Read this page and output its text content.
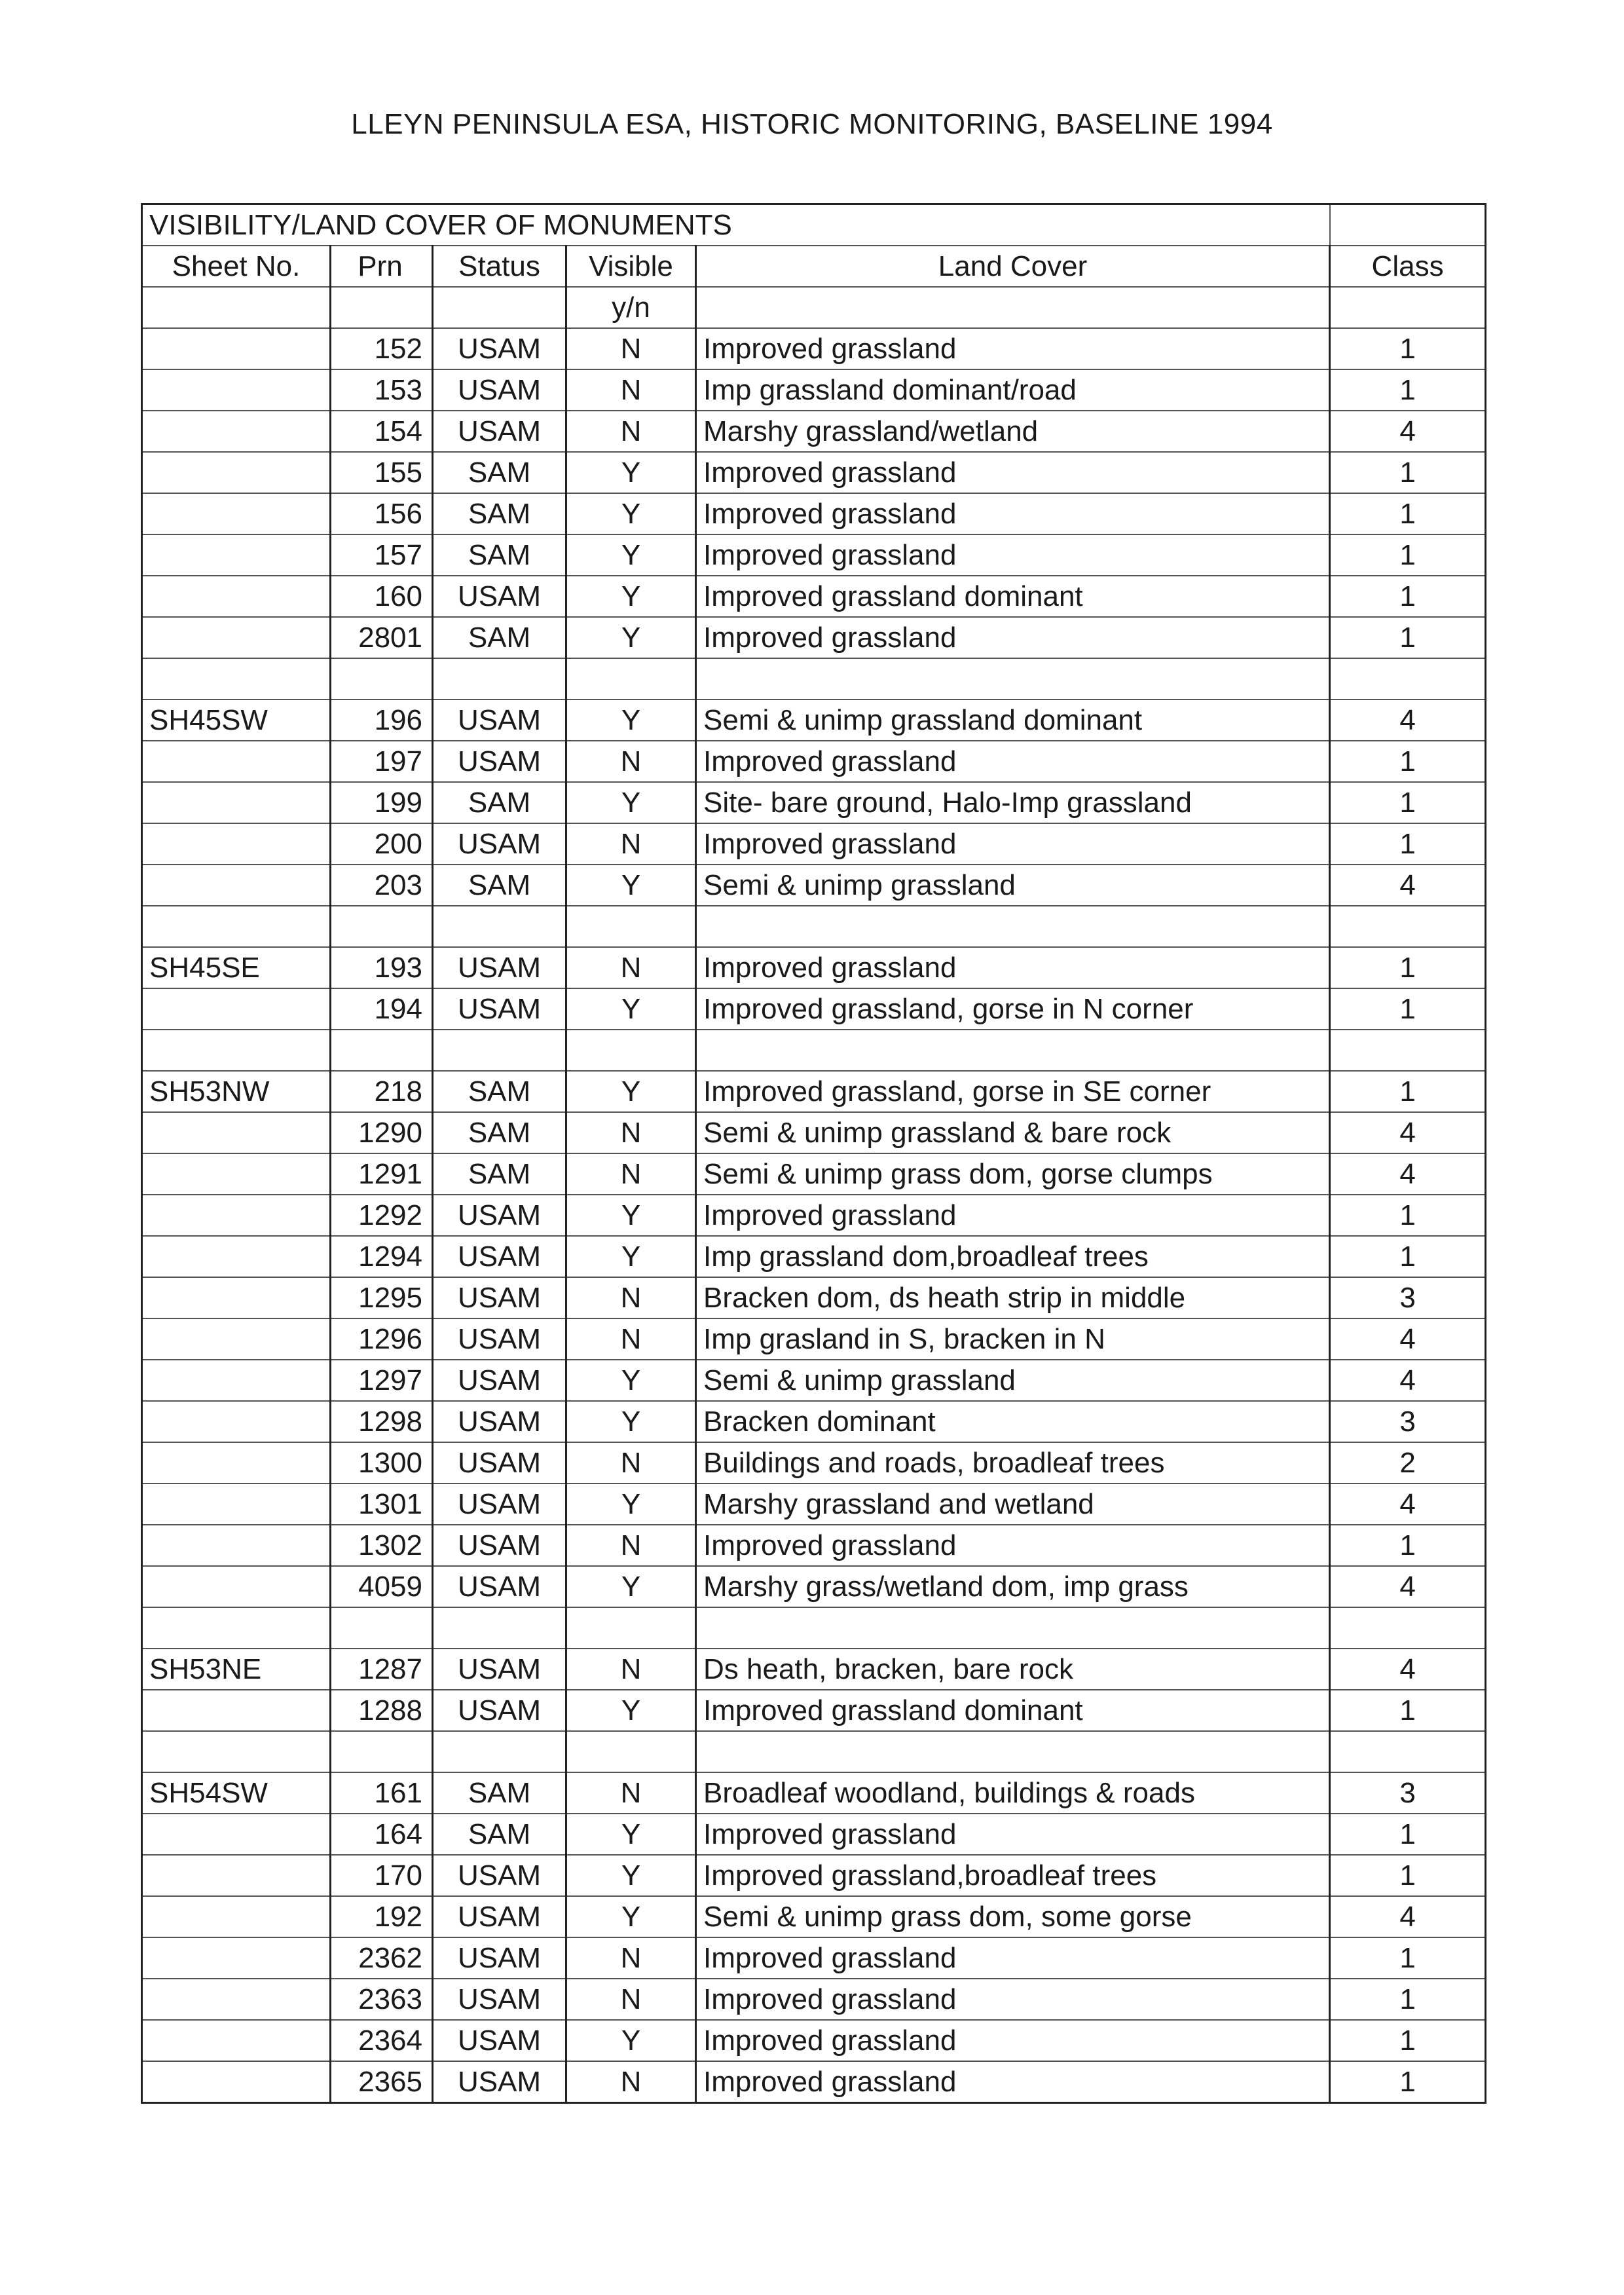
LLEYN PENINSULA ESA, HISTORIC MONITORING, BASELINE 1994
VISIBILITY/LAND COVER OF MONUMENTS					
Sheet No.	Prn	Status	Visible	Land Cover	Class
			y/n		
	152	USAM	N	Improved grassland	1
	153	USAM	N	Imp grassland dominant/road	1
	154	USAM	N	Marshy grassland/wetland	4
	155	SAM	Y	Improved grassland	1
	156	SAM	Y	Improved grassland	1
	157	SAM	Y	Improved grassland	1
	160	USAM	Y	Improved grassland dominant	1
	2801	SAM	Y	Improved grassland	1

SH45SW	196	USAM	Y	Semi & unimp grassland dominant	4
	197	USAM	N	Improved grassland	1
	199	SAM	Y	Site- bare ground, Halo-Imp grassland	1
	200	USAM	N	Improved grassland	1
	203	SAM	Y	Semi & unimp grassland	4

SH45SE	193	USAM	N	Improved grassland	1
	194	USAM	Y	Improved grassland, gorse in N corner	1

SH53NW	218	SAM	Y	Improved grassland, gorse in SE corner	1
	1290	SAM	N	Semi & unimp grassland & bare rock	4
	1291	SAM	N	Semi & unimp grass dom, gorse clumps	4
	1292	USAM	Y	Improved grassland	1
	1294	USAM	Y	Imp grassland dom,broadleaf trees	1
	1295	USAM	N	Bracken dom, ds heath strip in middle	3
	1296	USAM	N	Imp grasland in S, bracken in N	4
	1297	USAM	Y	Semi & unimp grassland	4
	1298	USAM	Y	Bracken dominant	3
	1300	USAM	N	Buildings and roads, broadleaf trees	2
	1301	USAM	Y	Marshy grassland and wetland	4
	1302	USAM	N	Improved grassland	1
	4059	USAM	Y	Marshy grass/wetland dom, imp grass	4

SH53NE	1287	USAM	N	Ds heath, bracken, bare rock	4
	1288	USAM	Y	Improved grassland dominant	1

SH54SW	161	SAM	N	Broadleaf woodland, buildings & roads	3
	164	SAM	Y	Improved grassland	1
	170	USAM	Y	Improved grassland,broadleaf trees	1
	192	USAM	Y	Semi & unimp grass dom, some gorse	4
	2362	USAM	N	Improved grassland	1
	2363	USAM	N	Improved grassland	1
	2364	USAM	Y	Improved grassland	1
	2365	USAM	N	Improved grassland	1
